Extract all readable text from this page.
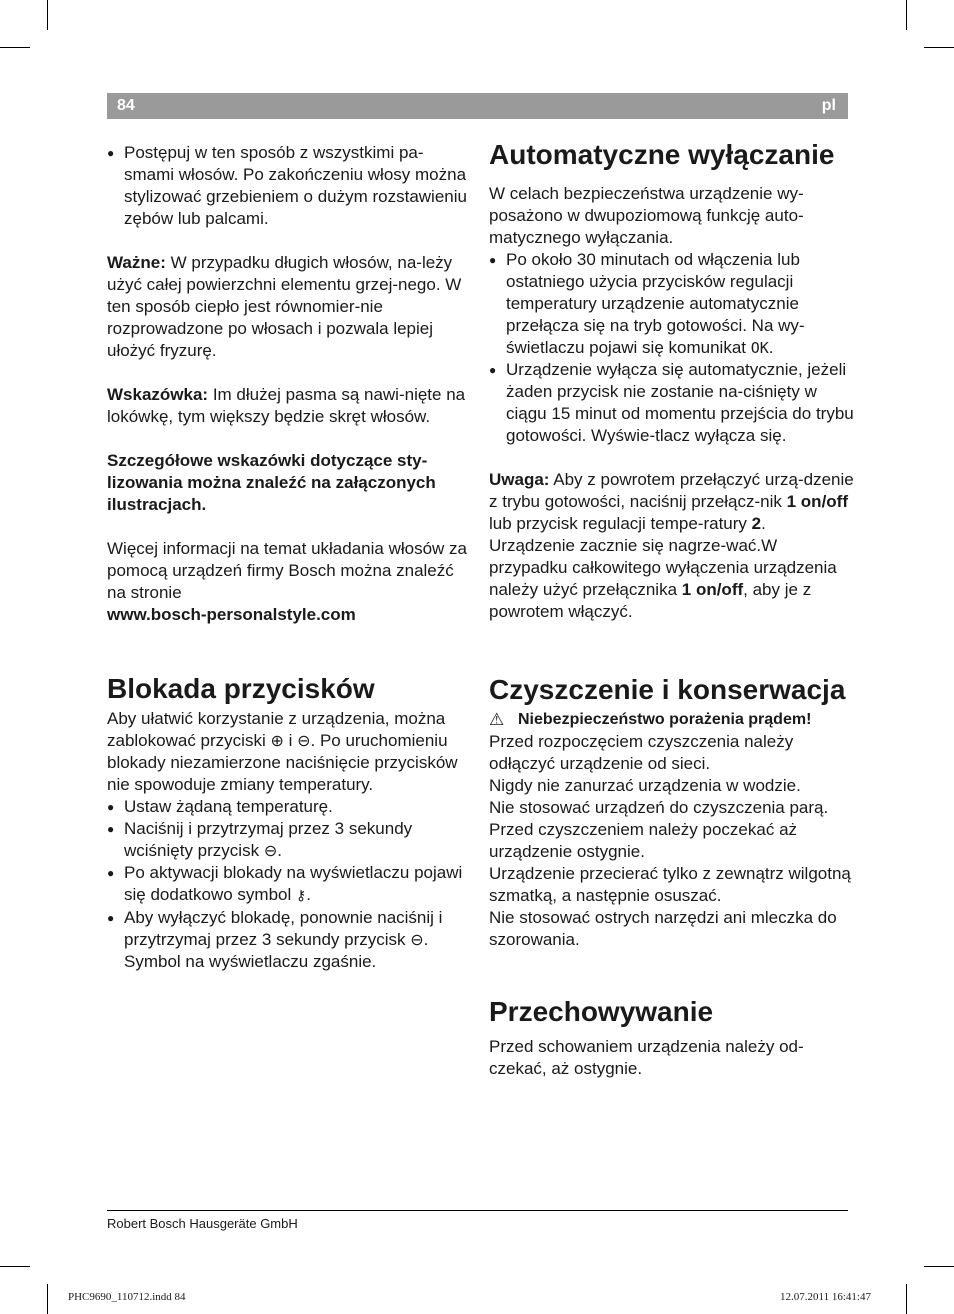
84	pl
● Postępuj w ten sposób z wszystkimi pa-smami włosów. Po zakończeniu włosy można stylizować grzebieniem o dużym rozstawieniu zębów lub palcami.

Ważne: W przypadku długich włosów, na-leży użyć całej powierzchni elementu grzej-nego. W ten sposób ciepło jest równomier-nie rozprowadzone po włosach i pozwala lepiej ułożyć fryzurę.

Wskazówka: Im dłużej pasma są nawi-nięte na lokówkę, tym większy będzie skręt włosów.

Szczegółowe wskazówki dotyczące sty-lizowania można znaleźć na załączonych ilustracjach.

Więcej informacji na temat układania włosów za pomocą urządzeń firmy Bosch można znaleźć na stronie

www.bosch-personalstyle.com

Blokada przycisków

Aby ułatwić korzystanie z urządzenia, można zablokować przyciski ⊕ i ⊖. Po uruchomieniu blokady niezamierzone naciśnięcie przycisków nie spowoduje zmiany temperatury.

● Ustaw żądaną temperaturę.
● Naciśnij i przytrzymaj przez 3 sekundy wciśnięty przycisk ⊖.
● Po aktywacji blokady na wyświetlaczu pojawi się dodatkowo symbol ⚷.
● Aby wyłączyć blokadę, ponownie naciśnij i przytrzymaj przez 3 sekundy przycisk ⊖. Symbol na wyświetlaczu zgaśnie.
Automatyczne wyłączanie

W celach bezpieczeństwa urządzenie wy-posażono w dwupoziomową funkcję auto-matycznego wyłączania.

● Po około 30 minutach od włączenia lub ostatniego użycia przycisków regulacji temperatury urządzenie automatycznie przełącza się na tryb gotowości. Na wy-świetlaczu pojawi się komunikat OK.
● Urządzenie wyłącza się automatycznie, jeżeli żaden przycisk nie zostanie na-ciśnięty w ciągu 15 minut od momentu przejścia do trybu gotowości. Wyświe-tlacz wyłącza się.

Uwaga: Aby z powrotem przełączyć urzą-dzenie z trybu gotowości, naciśnij przełącz-nik 1 on/off lub przycisk regulacji tempe-ratury 2. Urządzenie zacznie się nagrze-wać.W przypadku całkowitego wyłączenia urządzenia należy użyć przełącznika 1 on/off, aby je z powrotem włączyć.

Czyszczenie i konserwacja
⚠ Niebezpieczeństwo porażenia prądem!

Przed rozpoczęciem czyszczenia należy odłączyć urządzenie od sieci.

Nigdy nie zanurzać urządzenia w wodzie.

Nie stosować urządzeń do czyszczenia parą.

Przed czyszczeniem należy poczekać aż urządzenie ostygnie.

Urządzenie przecierać tylko z zewnątrz wilgotną szmatką, a następnie osuszać.

Nie stosować ostrych narzędzi ani mleczka do szorowania.

Przechowywanie

Przed schowaniem urządzenia należy od-czekać, aż ostygnie.

Robert Bosch Hausgeräte GmbH
PHC9690_110712.indd 84	12.07.2011 16:41:47
